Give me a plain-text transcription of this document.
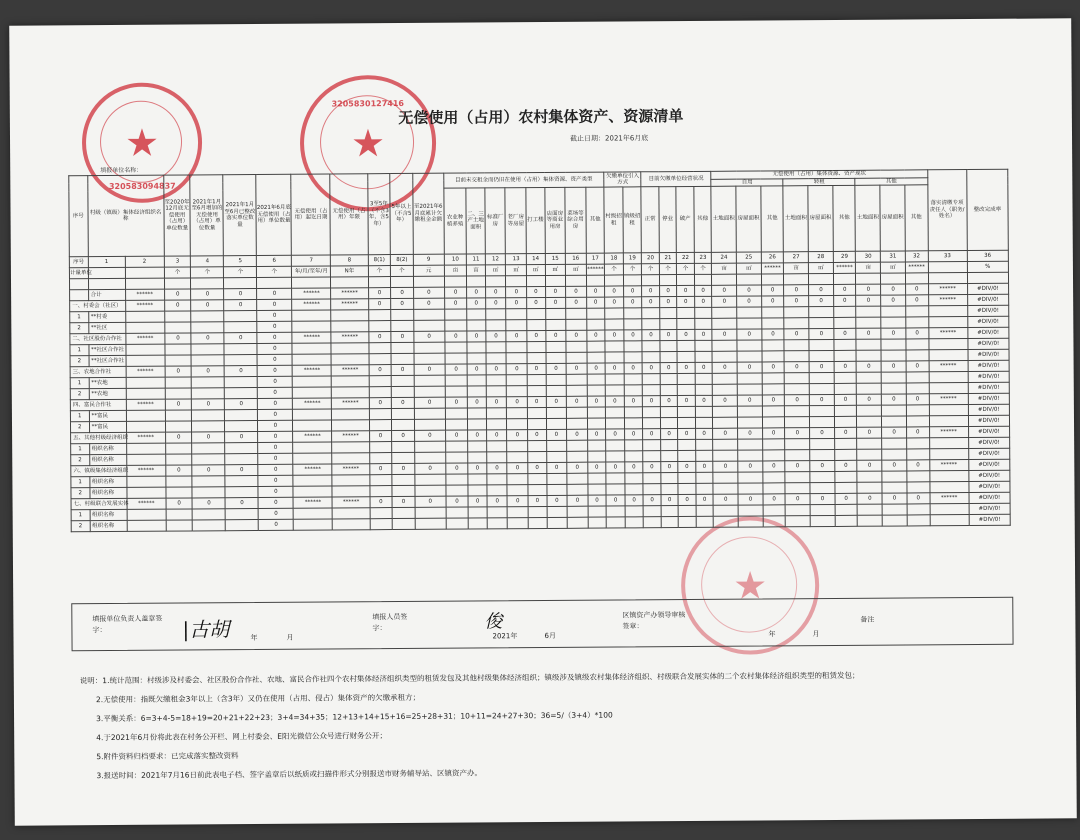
★
320583094837
★
3205830127416
★
无偿使用（占用）农村集体资产、资源清单
截止日期：2021年6月底
填报单位名称：
序号	村级（镇级）集体经济组织名称		至2020年12月底无偿使用（占用）单位数量	2021年1月至6月增加的无偿使用（占用）单位数量	2021年1月至6月已整改落实单位数量	2021年6月底无偿使用（占用）单位数量	无偿使用（占用）起讫日期	无偿使用（占用）年限	3至5年（不含3年，含5年）	5年以上（不含5年）	至2021年6月底累计欠缴租金金额	目前未交租金而仍旧在使用（占用）集体资源、资产类型								欠缴单位引入方式		目前欠缴单位经营状况				无偿使用（占用）集体资源、资产现状									落实清缴专项责任人（职务/姓名）	整改完成率
																										自用			转租			其他				
												农业种植养殖	二、三产土地面积	标准厂房	老厂房等房屋	打工楼	店面房等商业用房	菜场等综合用房	其他	村级招租	镇级招租	正常	停业	破产	其他	土地面积	房屋面积	其他	土地面积	房屋面积	其他	土地面积	房屋面积	其他		
序号	1	2	3	4	5	6	7	8	8(1)	8(2)	9	10	11	12	13	14	15	16	17	18	19	20	21	22	23	24	25	26	27	28	29	30	31	32	33	36
计量单位			个	个	个	个	年/月/至年/月	N年	个	个	元	亩	亩	㎡	㎡	㎡	㎡	㎡	******	个	个	个	个	个	个	亩	㎡	******	亩	㎡	******	亩	㎡	******		%

	合计	******	0	0	0	0	******	******	0	0	0	0	0	0	0	0	0	0	0	0	0	0	0	0	0	0	0	0	0	0	0	0	0	0	******	#DIV/0!
一、村委会（社区）		******	0	0	0	0	******	******	0	0	0	0	0	0	0	0	0	0	0	0	0	0	0	0	0	0	0	0	0	0	0	0	0	0	******	#DIV/0!
1	**村委					0																														#DIV/0!
2	**社区					0																														#DIV/0!
二、社区股份合作社		******	0	0	0	0	******	******	0	0	0	0	0	0	0	0	0	0	0	0	0	0	0	0	0	0	0	0	0	0	0	0	0	0	******	#DIV/0!
1	**社区合作社					0																														#DIV/0!
2	**社区合作社					0																														#DIV/0!
三、农地合作社		******	0	0	0	0	******	******	0	0	0	0	0	0	0	0	0	0	0	0	0	0	0	0	0	0	0	0	0	0	0	0	0	0	******	#DIV/0!
1	**农地					0																														#DIV/0!
2	**农地					0																														#DIV/0!
四、富民合作社		******	0	0	0	0	******	******	0	0	0	0	0	0	0	0	0	0	0	0	0	0	0	0	0	0	0	0	0	0	0	0	0	0	******	#DIV/0!
1	**富民					0																														#DIV/0!
2	**富民					0																														#DIV/0!
五、其他村级经济组织		******	0	0	0	0	******	******	0	0	0	0	0	0	0	0	0	0	0	0	0	0	0	0	0	0	0	0	0	0	0	0	0	0	******	#DIV/0!
1	组织名称					0																														#DIV/0!
2	组织名称					0																														#DIV/0!
六、镇级集体经济组织		******	0	0	0	0	******	******	0	0	0	0	0	0	0	0	0	0	0	0	0	0	0	0	0	0	0	0	0	0	0	0	0	0	******	#DIV/0!
1	组织名称					0																														#DIV/0!
2	组织名称					0																														#DIV/0!
七、村级联合发展实体		******	0	0	0	0	******	******	0	0	0	0	0	0	0	0	0	0	0	0	0	0	0	0	0	0	0	0	0	0	0	0	0	0	******	#DIV/0!
1	组织名称					0																														#DIV/0!
2	组织名称					0																														#DIV/0!
填报单位负责人盖章签字：	|古胡	年	月
填报人员签字：	俊
2021年	6月
区镇资产办领导审核签章：
年	月
备注
说明：1.统计范围：村级涉及村委会、社区股份合作社、农地、富民合作社四个农村集体经济组织类型的租赁发包及其他村级集体经济组织；镇级涉及镇级农村集体经济组织、村级联合发展实体的二个农村集体经济组织类型的租赁发包；
2.无偿使用：指既欠缴租金3年以上（含3年）又仍在使用（占用、侵占）集体资产的欠缴承租方；
3.平衡关系：6=3+4-5=18+19=20+21+22+23；3+4=34+35；12+13+14+15+16=25+28+31；10+11=24+27+30；36=5/（3+4）*100
4.于2021年6月份将此表在村务公开栏、网上村委会、E阳光微信公众号进行财务公开；
5.附件资料归档要求：已完成落实整改资料
3.报送时间：2021年7月16日前此表电子档、签字盖章后以纸质或扫描件形式分别报送市财务辅导站、区镇资产办。
